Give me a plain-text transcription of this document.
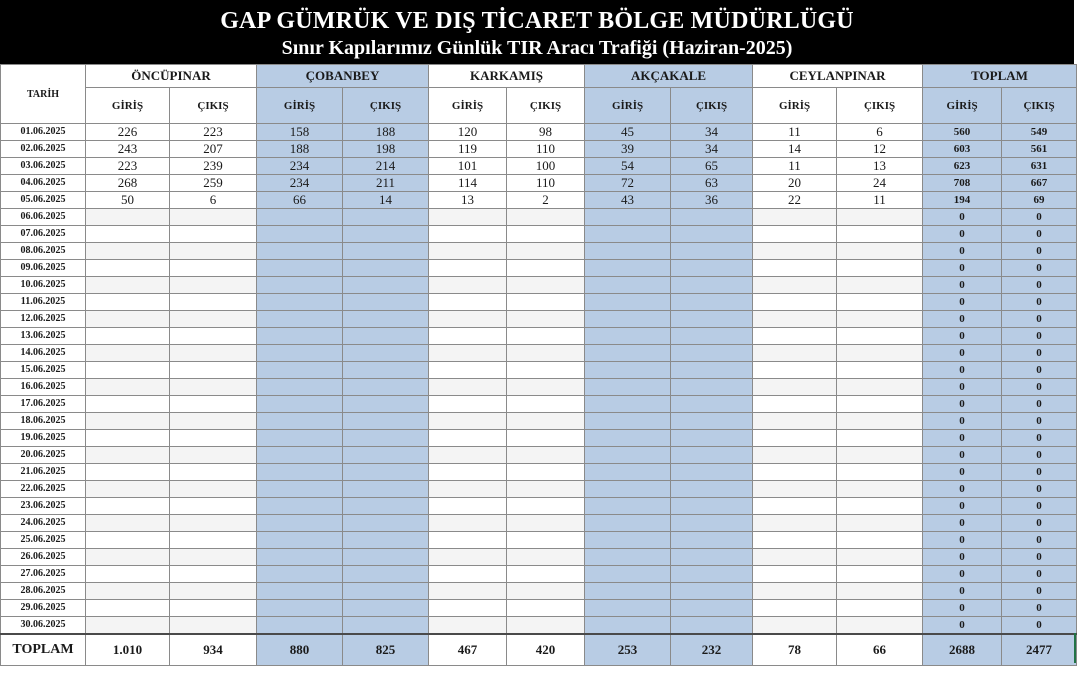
GAP GÜMRÜK VE DIŞ TİCARET BÖLGE MÜDÜRLÜGÜ
Sınır Kapılarımız Günlük TIR Aracı Trafiği (Haziran-2025)
TARİH	ÖNCÜPINAR		ÇOBANBEY		KARKAMIŞ		AKÇAKALE		CEYLANPINAR		TOPLAM	
	GİRİŞ	ÇIKIŞ	GİRİŞ	ÇIKIŞ	GİRİŞ	ÇIKIŞ	GİRİŞ	ÇIKIŞ	GİRİŞ	ÇIKIŞ	GİRİŞ	ÇIKIŞ
01.06.2025	226	223	158	188	120	98	45	34	11	6	560	549
02.06.2025	243	207	188	198	119	110	39	34	14	12	603	561
03.06.2025	223	239	234	214	101	100	54	65	11	13	623	631
04.06.2025	268	259	234	211	114	110	72	63	20	24	708	667
05.06.2025	50	6	66	14	13	2	43	36	22	11	194	69
06.06.2025											0	0
07.06.2025											0	0
08.06.2025											0	0
09.06.2025											0	0
10.06.2025											0	0
11.06.2025											0	0
12.06.2025											0	0
13.06.2025											0	0
14.06.2025											0	0
15.06.2025											0	0
16.06.2025											0	0
17.06.2025											0	0
18.06.2025											0	0
19.06.2025											0	0
20.06.2025											0	0
21.06.2025											0	0
22.06.2025											0	0
23.06.2025											0	0
24.06.2025											0	0
25.06.2025											0	0
26.06.2025											0	0
27.06.2025											0	0
28.06.2025											0	0
29.06.2025											0	0
30.06.2025											0	0
TOPLAM	1.010	934	880	825	467	420	253	232	78	66	2688	2477
